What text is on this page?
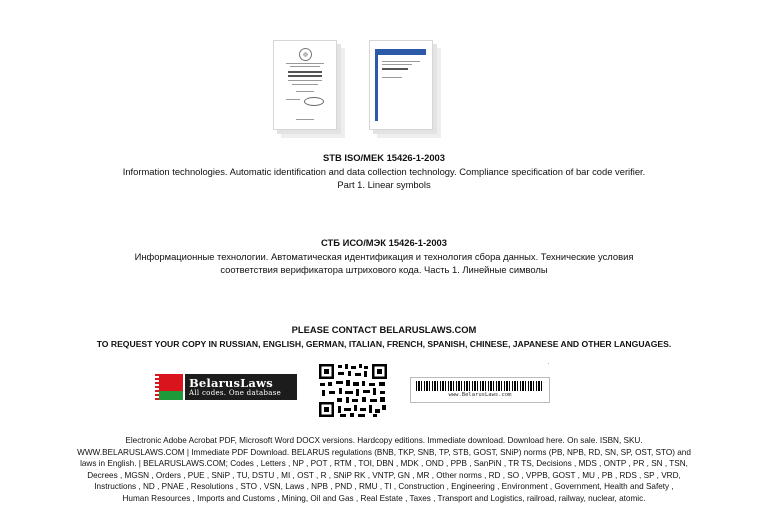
STB ISO/MEK 15426-1-2003
Information technologies. Automatic identification and data collection technology. Compliance specification of bar code verifier.
Part 1. Linear symbols
СТБ ИСО/МЭК 15426-1-2003
Информационные технологии. Автоматическая идентификация и технология сбора данных. Технические условия
соответствия верификатора штрихового кода. Часть 1. Линейные символы
PLEASE CONTACT BELARUSLAWS.COM
TO REQUEST YOUR COPY IN RUSSIAN, ENGLISH, GERMAN, ITALIAN, FRENCH, SPANISH, CHINESE, JAPANESE AND OTHER LANGUAGES.
BelarusLaws
All codes. One database	www.BelarusLaws.com
Electronic Adobe Acrobat PDF, Microsoft Word DOCX versions. Hardcopy editions. Immediate download. Download here. On sale. ISBN, SKU.
WWW.BELARUSLAWS.COM | Immediate PDF Download. BELARUS regulations (BNB, TKP, SNB, TP, STB, GOST, SNiP) norms (PB, NPB, RD, SN, SP, OST, STO) and
laws in English. | BELARUSLAWS.COM; Codes , Letters , NP , POT , RTM , TOI, DBN , MDK , OND , PPB , SanPiN , TR TS, Decisions , MDS , ONTP , PR , SN , TSN,
Decrees , MGSN , Orders , PUE , SNiP , TU, DSTU , MI , OST , R , SNiP RK , VNTP, GN , MR , Other norms , RD , SO , VPPB, GOST , MU , PB , RDS , SP , VRD,
Instructions , ND , PNAE , Resolutions , STO , VSN, Laws , NPB , PND , RMU , TI , Construction , Engineering , Environment , Government, Health and Safety ,
Human Resources , Imports and Customs , Mining, Oil and Gas , Real Estate , Taxes , Transport and Logistics, railroad, railway, nuclear, atomic.
